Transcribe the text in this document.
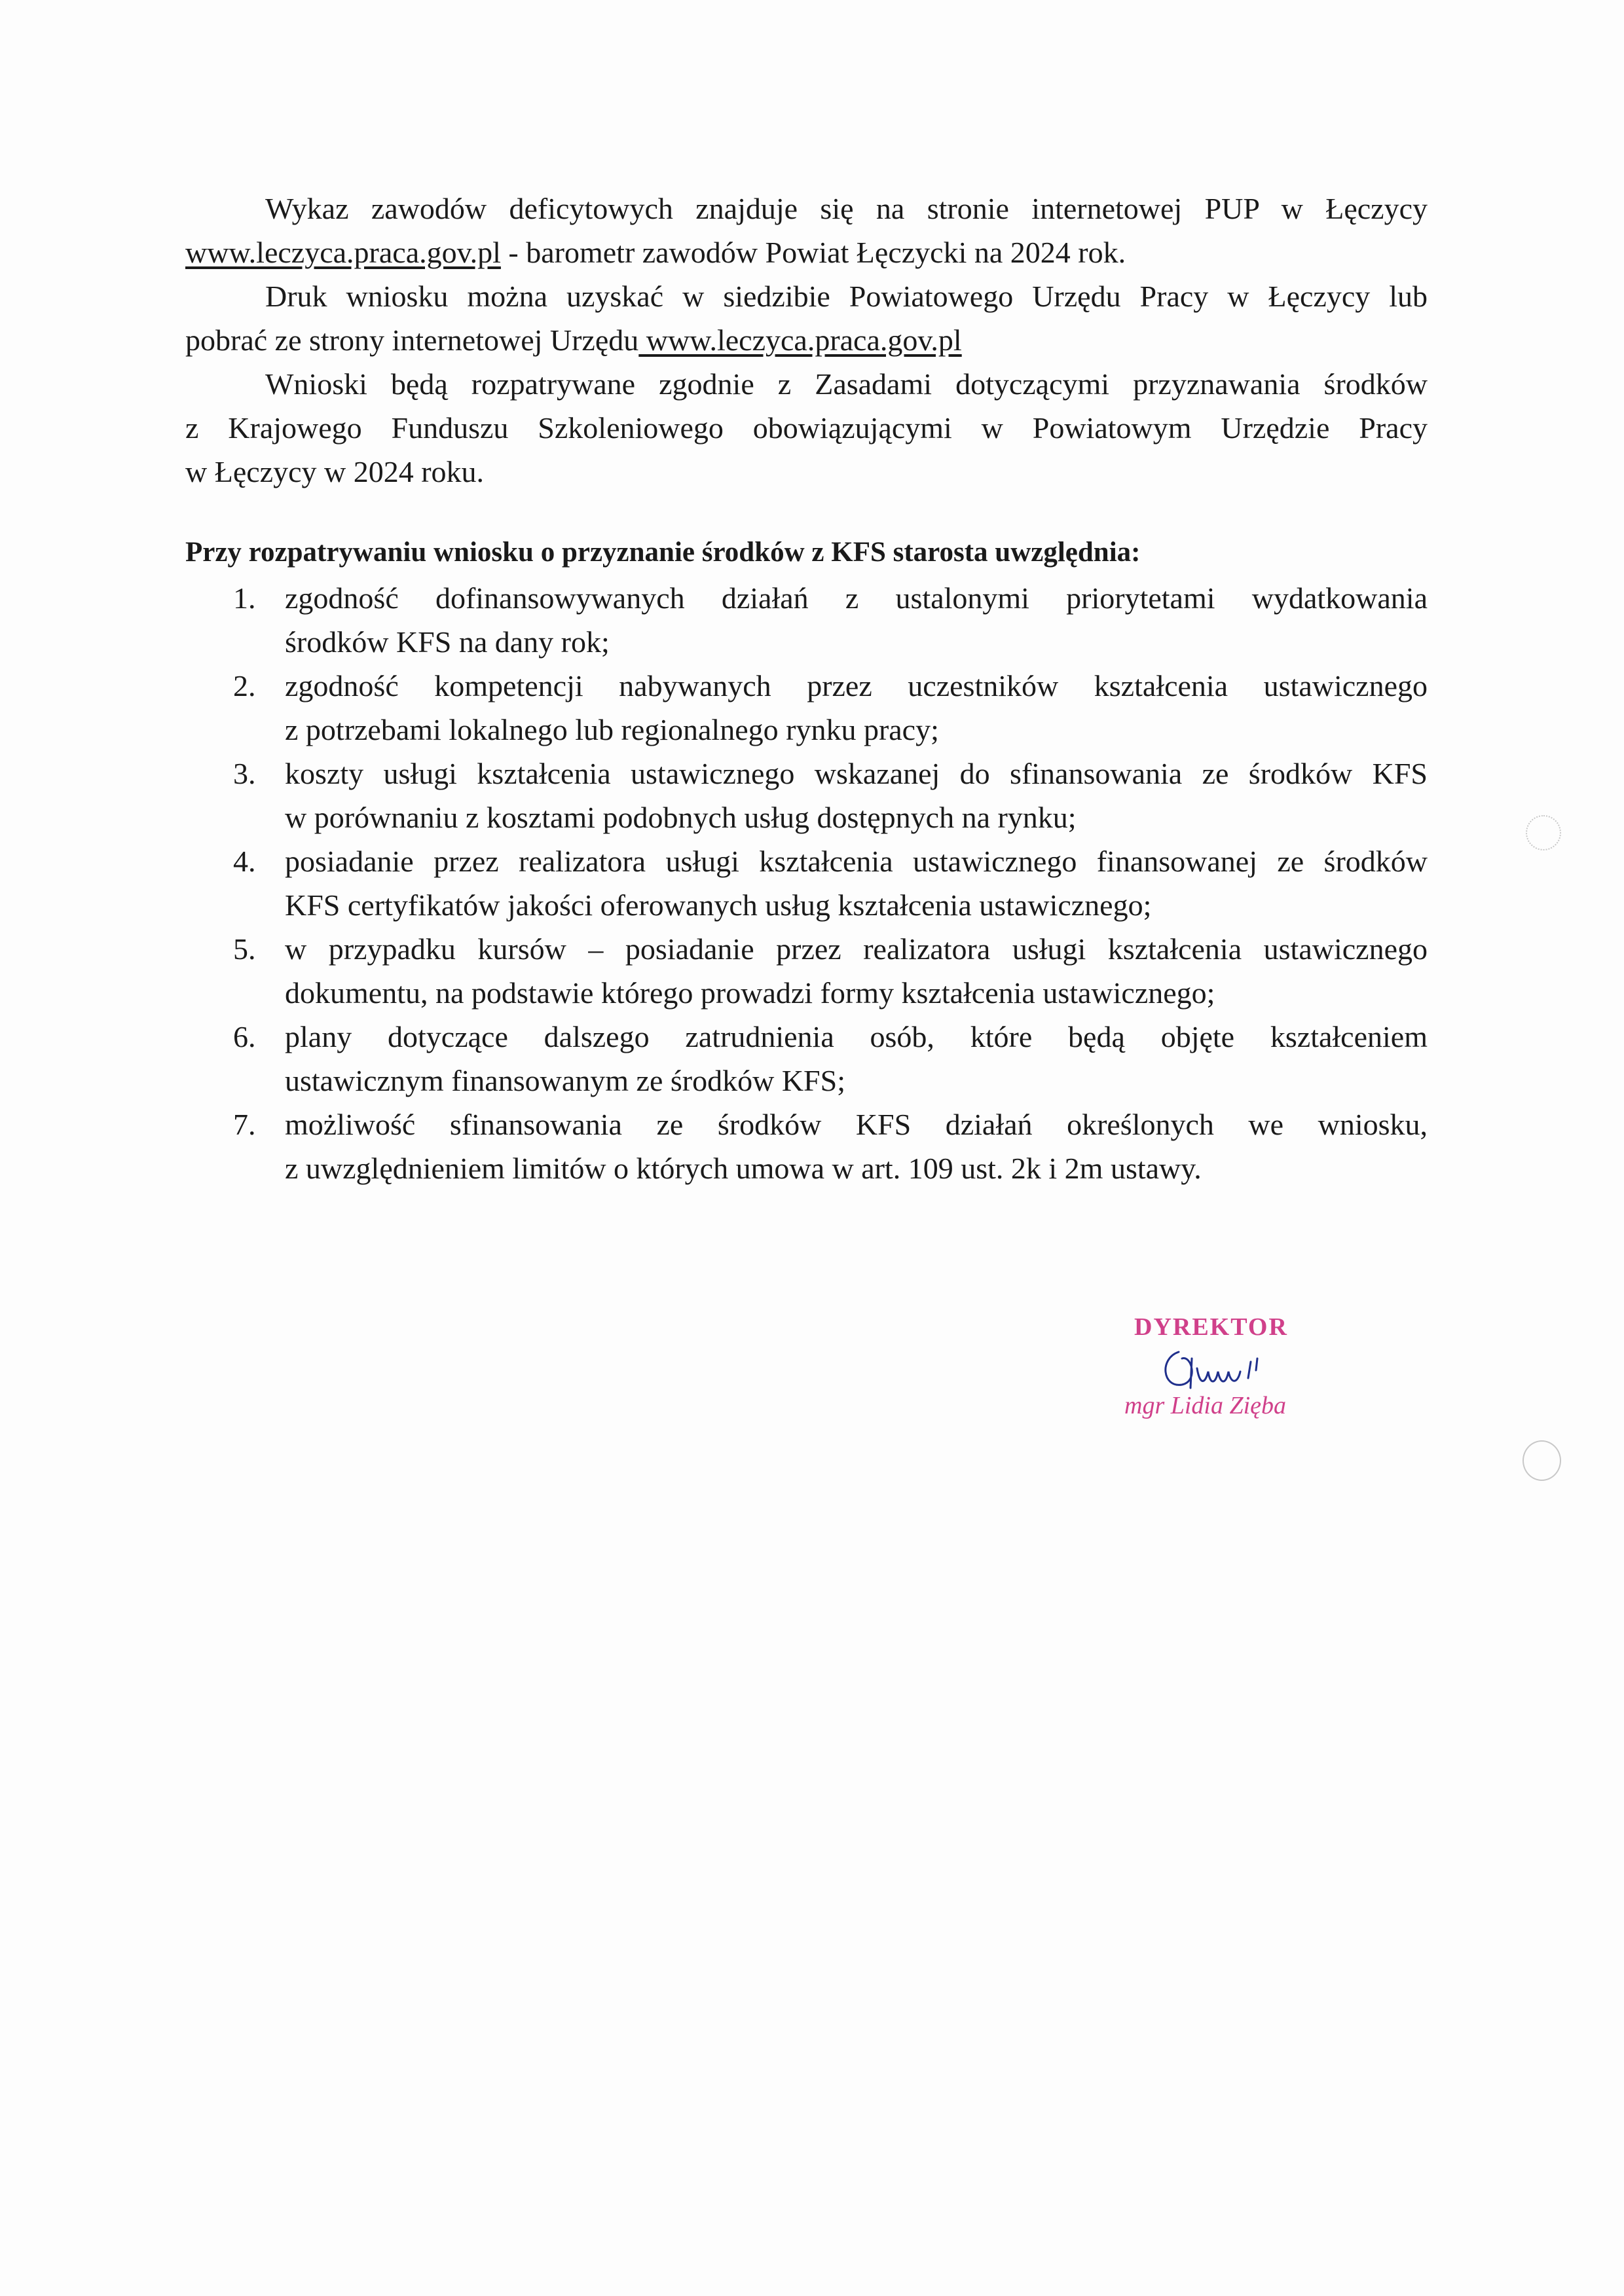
Wykaz zawodów deficytowych znajduje się na stronie internetowej PUP w Łęczycy

www.leczyca.praca.gov.pl - barometr zawodów Powiat Łęczycki na 2024 rok.

Druk wniosku można uzyskać w siedzibie Powiatowego Urzędu Pracy w Łęczycy lub

pobrać ze strony internetowej Urzędu www.leczyca.praca.gov.pl

Wnioski będą rozpatrywane zgodnie z Zasadami dotyczącymi przyznawania środków

z Krajowego Funduszu Szkoleniowego obowiązującymi w Powiatowym Urzędzie Pracy

w Łęczycy w 2024 roku.

Przy rozpatrywaniu wniosku o przyznanie środków z KFS starosta uwzględnia:

1. zgodność dofinansowywanych działań z ustalonymi priorytetami wydatkowania

środków KFS na dany rok;

2. zgodność kompetencji nabywanych przez uczestników kształcenia ustawicznego

z potrzebami lokalnego lub regionalnego rynku pracy;

3. koszty usługi kształcenia ustawicznego wskazanej do sfinansowania ze środków KFS

w porównaniu z kosztami podobnych usług dostępnych na rynku;

4. posiadanie przez realizatora usługi kształcenia ustawicznego finansowanej ze środków

KFS certyfikatów jakości oferowanych usług kształcenia ustawicznego;

5. w przypadku kursów – posiadanie przez realizatora usługi kształcenia ustawicznego

dokumentu, na podstawie którego prowadzi formy kształcenia ustawicznego;

6. plany dotyczące dalszego zatrudnienia osób, które będą objęte kształceniem

ustawicznym finansowanym ze środków KFS;

7. możliwość sfinansowania ze środków KFS działań określonych we wniosku,

z uwzględnieniem limitów o których umowa w art. 109 ust. 2k i 2m ustawy.

DYREKTOR
mgr Lidia Zięba
